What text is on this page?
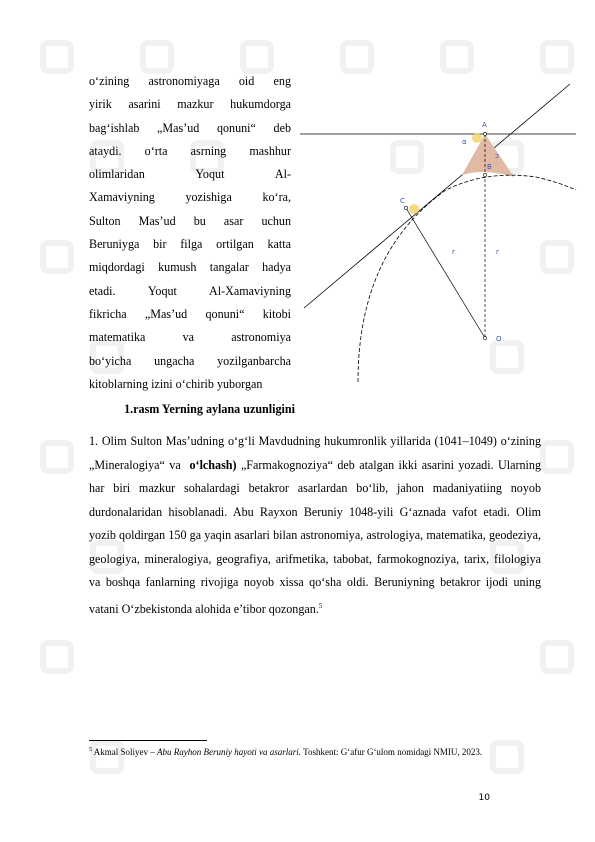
o‘zining astronomiyaga oid eng
yirik asarini mazkur hukumdorga
bag‘ishlab „Mas’ud qonuni“ deb
ataydi. o‘rta asrning mashhur
olimlaridan Yoqut Al-
Xamaviyning yozishiga ko‘ra,
Sulton Mas’ud bu asar uchun
Beruniyga bir filga ortilgan katta
miqdordagi kumush tangalar hadya
etadi. Yoqut Al-Xamaviyning
fikricha „Mas’ud qonuni“ kitobi
matematika va astronomiya
bo‘yicha ungacha yozilganbarcha
kitoblarning izini o‘chirib yuborgan
A
B
C
O
α
ↄ
r	r
1.rasm Yerning aylana uzunligini
1. Olim Sulton Mas’udning o‘g‘li Mavdudning hukumronlik yillarida (1041–1049) o‘zining „Mineralogiya“ va o‘lchash) „Farmakognoziya“ deb atalgan ikki asarini yozadi. Ularning har biri mazkur sohalardagi betakror asarlardan bo‘lib, jahon madaniyatiing noyob durdonalaridan hisoblanadi. Abu Rayxon Beruniy 1048-yili G‘aznada vafot etadi. Olim yozib qoldirgan 150 ga yaqin asarlari bilan astronomiya, astrologiya, matematika, geodeziya, geologiya, mineralogiya, geografiya, arifmetika, tabobat, farmokognoziya, tarix, filologiya va boshqa fanlarning rivojiga noyob xissa qo‘sha oldi. Beruniyning betakror ijodi uning vatani O‘zbekistonda alohida e’tibor qozongan.$^5$
$^5$ Akmal Soliyev – Abu Rayhon Beruniy hayoti va asarlari. Toshkent: G‘afur G‘ulom nomidagi NMIU, 2023.
10
